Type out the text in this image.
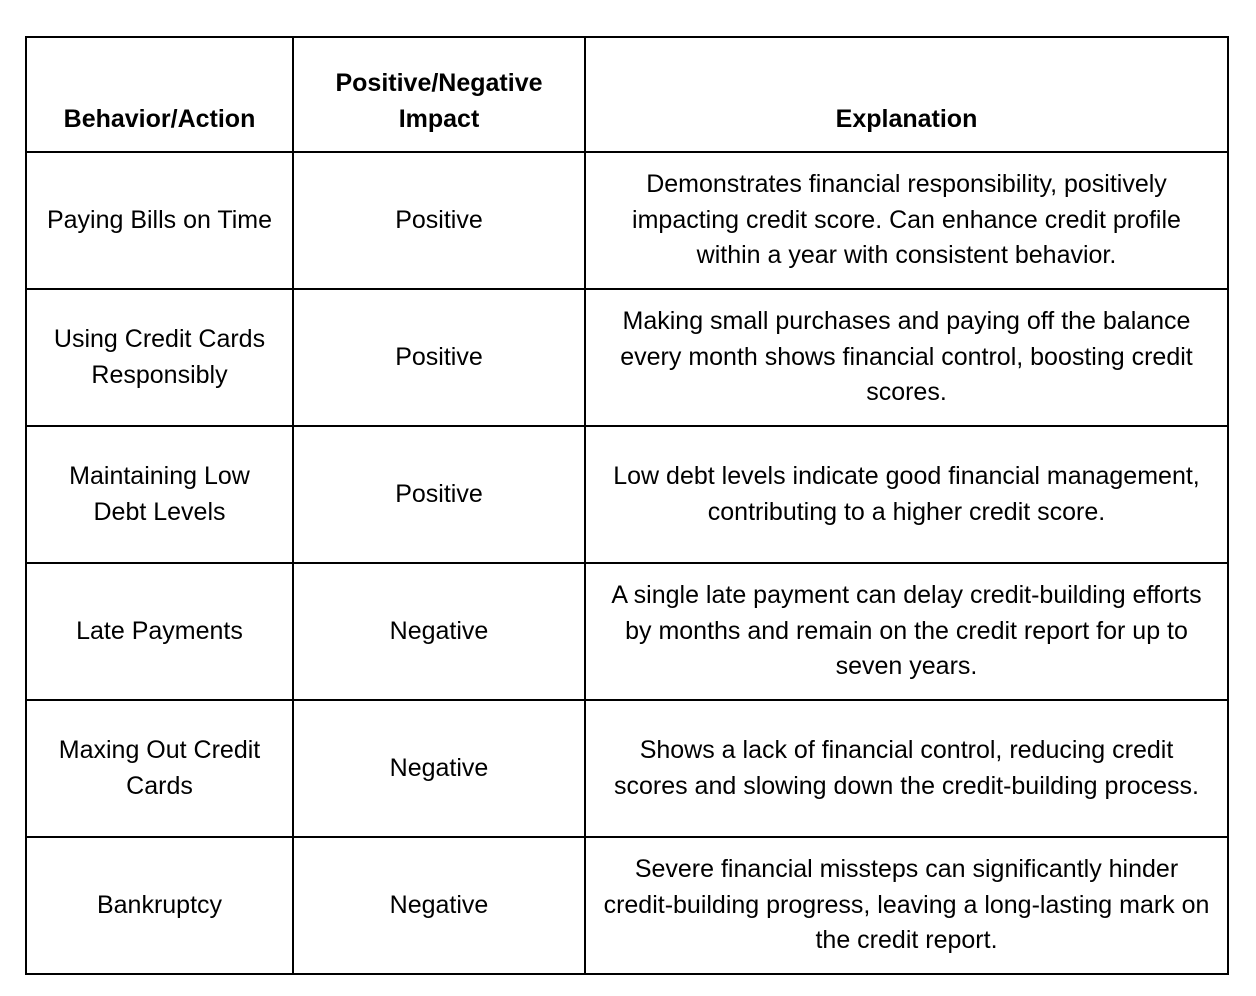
Behavior/Action	Positive/Negative Impact	Explanation
Paying Bills on Time	Positive	Demonstrates financial responsibility, positively impacting credit score. Can enhance credit profile within a year with consistent behavior.
Using Credit Cards Responsibly	Positive	Making small purchases and paying off the balance every month shows financial control, boosting credit scores.
Maintaining Low Debt Levels	Positive	Low debt levels indicate good financial management, contributing to a higher credit score.
Late Payments	Negative	A single late payment can delay credit-building efforts by months and remain on the credit report for up to seven years.
Maxing Out Credit Cards	Negative	Shows a lack of financial control, reducing credit scores and slowing down the credit-building process.
Bankruptcy	Negative	Severe financial missteps can significantly hinder credit-building progress, leaving a long-lasting mark on the credit report.
